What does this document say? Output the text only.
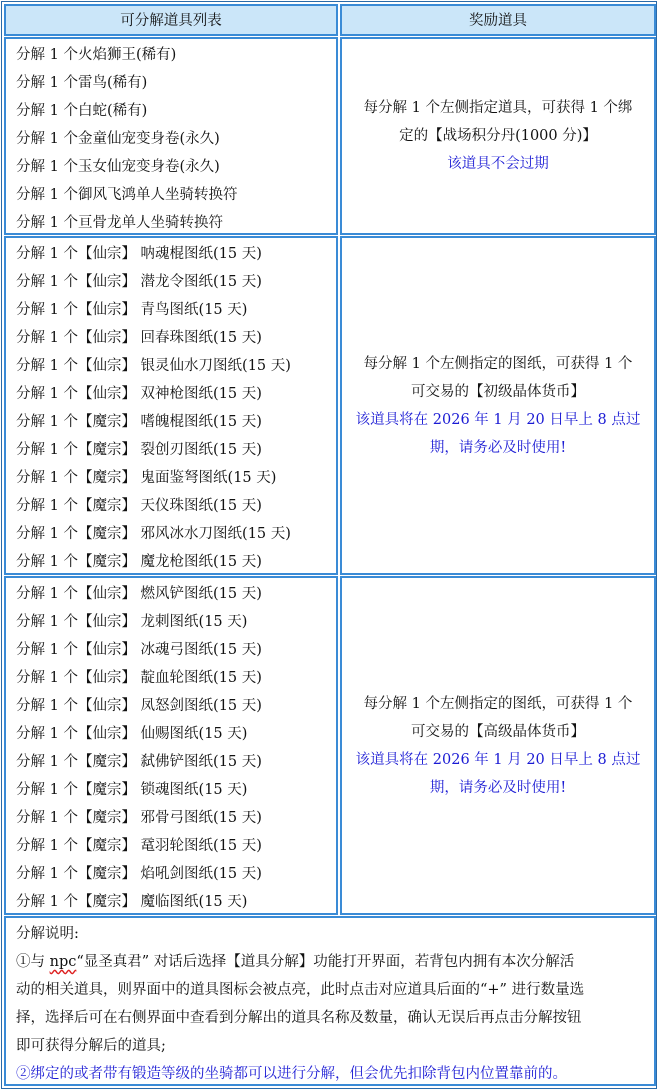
可分解道具列表	奖励道具
分解 1 个火焰狮王(稀有)
分解 1 个雷鸟(稀有)
分解 1 个白蛇(稀有)
分解 1 个金童仙宠变身卷(永久)
分解 1 个玉女仙宠变身卷(永久)
分解 1 个御风飞鸿单人坐骑转换符
分解 1 个亘骨龙单人坐骑转换符
每分解 1 个左侧指定道具，可获得 1 个绑
定的【战场积分丹(1000 分)】
该道具不会过期
分解 1 个【仙宗】 呐魂棍图纸(15 天)
分解 1 个【仙宗】 潜龙令图纸(15 天)
分解 1 个【仙宗】 青鸟图纸(15 天)
分解 1 个【仙宗】 回春珠图纸(15 天)
分解 1 个【仙宗】 银灵仙水刀图纸(15 天)
分解 1 个【仙宗】 双神枪图纸(15 天)
分解 1 个【魔宗】 嗜魄棍图纸(15 天)
分解 1 个【魔宗】 裂创刃图纸(15 天)
分解 1 个【魔宗】 鬼面鉴弩图纸(15 天)
分解 1 个【魔宗】 天仪珠图纸(15 天)
分解 1 个【魔宗】 邪风冰水刀图纸(15 天)
分解 1 个【魔宗】 魔龙枪图纸(15 天)
每分解 1 个左侧指定的图纸，可获得 1 个
可交易的【初级晶体货币】
该道具将在 2026 年 1 月 20 日早上 8 点过
期，请务必及时使用!
分解 1 个【仙宗】 燃风铲图纸(15 天)
分解 1 个【仙宗】 龙刺图纸(15 天)
分解 1 个【仙宗】 冰魂弓图纸(15 天)
分解 1 个【仙宗】 靛血轮图纸(15 天)
分解 1 个【仙宗】 凤怒剑图纸(15 天)
分解 1 个【仙宗】 仙赐图纸(15 天)
分解 1 个【魔宗】 弑佛铲图纸(15 天)
分解 1 个【魔宗】 锁魂图纸(15 天)
分解 1 个【魔宗】 邪骨弓图纸(15 天)
分解 1 个【魔宗】 鼋羽轮图纸(15 天)
分解 1 个【魔宗】 焰吼剑图纸(15 天)
分解 1 个【魔宗】 魔临图纸(15 天)
每分解 1 个左侧指定的图纸，可获得 1 个
可交易的【高级晶体货币】
该道具将在 2026 年 1 月 20 日早上 8 点过
期，请务必及时使用!
分解说明:
①与 npc“显圣真君” 对话后选择【道具分解】功能打开界面，若背包内拥有本次分解活
动的相关道具，则界面中的道具图标会被点亮，此时点击对应道具后面的“+” 进行数量选
择，选择后可在右侧界面中查看到分解出的道具名称及数量，确认无误后再点击分解按钮
即可获得分解后的道具;
②绑定的或者带有锻造等级的坐骑都可以进行分解，但会优先扣除背包内位置靠前的。
